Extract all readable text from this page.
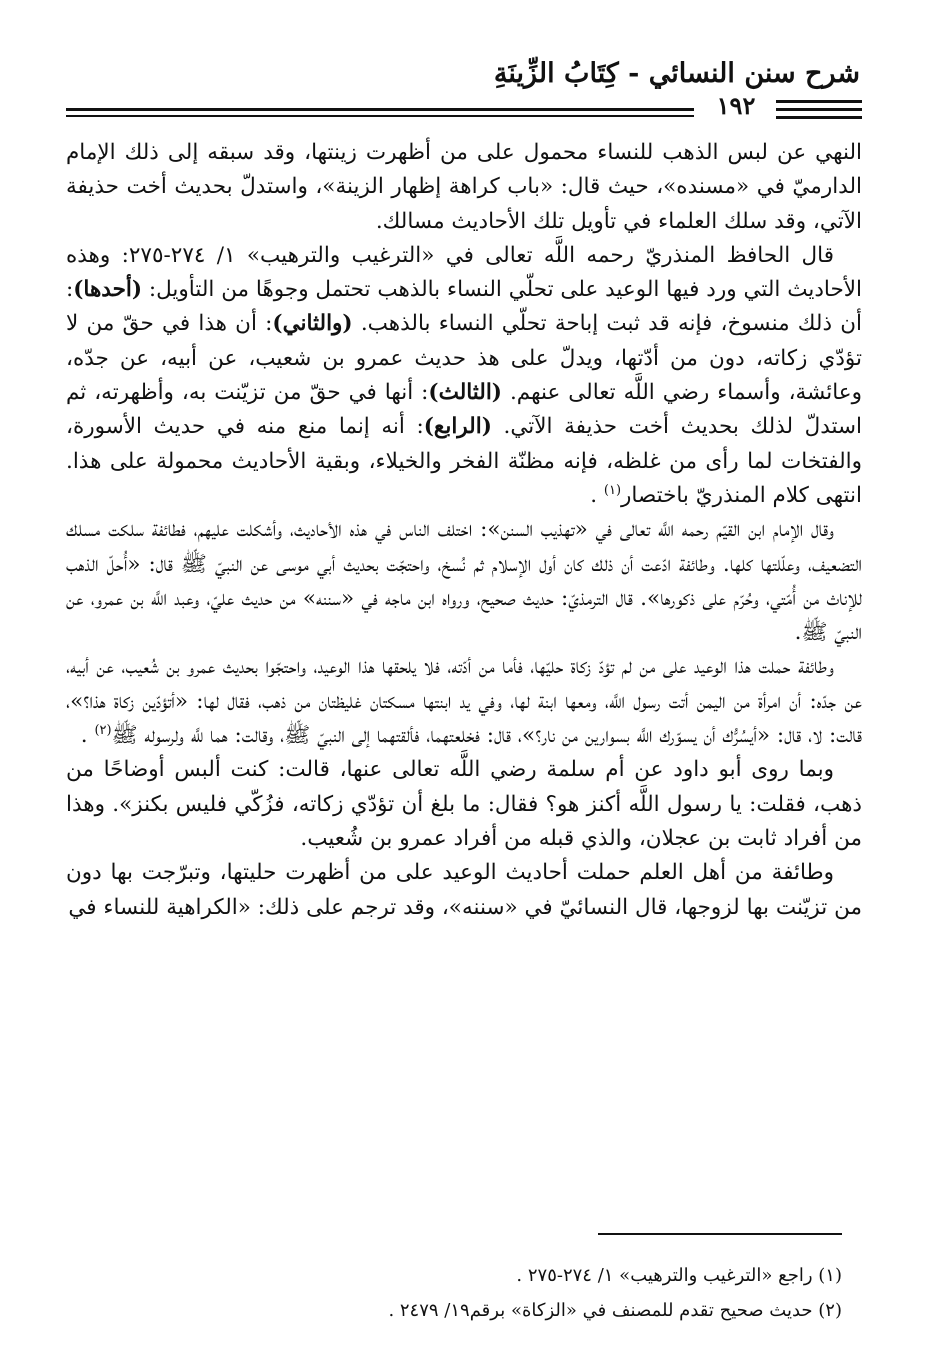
شرح سنن النسائي - كِتَابُ الزِّينَةِ
١٩٢

النهي عن لبس الذهب للنساء محمول على من أظهرت زينتها، وقد سبقه إلى ذلك الإمام الدارميّ في «مسنده»، حيث قال: «باب كراهة إظهار الزينة»، واستدلّ بحديث أخت حذيفة الآتي، وقد سلك العلماء في تأويل تلك الأحاديث مسالك.

قال الحافظ المنذريّ رحمه اللَّه تعالى في «الترغيب والترهيب» ١/ ٢٧٤-٢٧٥: وهذه الأحاديث التي ورد فيها الوعيد على تحلّي النساء بالذهب تحتمل وجوهًا من التأويل: (أحدها): أن ذلك منسوخ، فإنه قد ثبت إباحة تحلّي النساء بالذهب. (والثاني): أن هذا في حقّ من لا تؤدّي زكاته، دون من أدّتها، ويدلّ على هذ حديث عمرو بن شعيب، عن أبيه، عن جدّه، وعائشة، وأسماء رضي اللَّه تعالى عنهم. (الثالث): أنها في حقّ من تزيّنت به، وأظهرته، ثم استدلّ لذلك بحديث أخت حذيفة الآتي. (الرابع): أنه إنما منع منه في حديث الأسورة، والفتخات لما رأى من غلظه، فإنه مظنّة الفخر والخيلاء، وبقية الأحاديث محمولة على هذا. انتهى كلام المنذريّ باختصار$^{(١)}$ .

وقال الإمام ابن القيّم رحمه اللَّه تعالى في «تهذيب السنن»: اختلف الناس في هذه الأحاديث، وأشكلت عليهم، فطائفة سلكت مسلك التضعيف، وعلّلتها كلها. وطائفة ادّعت أن ذلك كان أول الإسلام ثم نُسخ، واحتجّت بحديث أبي موسى عن النبيّ ﷺ قال: «أُحلّ الذهب للإناث من أُمّتي، وحُرّم على ذكورها». قال الترمذيّ: حديث صحيح، ورواه ابن ماجه في «سننه» من حديث عليّ، وعبد اللَّه بن عمرو، عن النبيّ ﷺ.

وطائفة حملت هذا الوعيد على من لم تؤدّ زكاة حليّها، فأما من أدّته، فلا يلحقها هذا الوعيد، واحتجّوا بحديث عمرو بن شُعيب، عن أبيه، عن جدّه: أن امرأة من اليمن أتت رسول اللَّه، ومعها ابنة لها، وفي يد ابنتها مسكتان غليظتان من ذهب، فقال لها: «أتؤدّين زكاة هذا؟»، قالت: لا، قال: «أيسُرُّك أن يسوّرك اللَّه بسوارين من نار؟»، قال: فخلعتهما، فألقتهما إلى النبيّ ﷺ، وقالت: هما للَّه ولرسوله ﷺ$^{(٢)}$ .

وبما روى أبو داود عن أم سلمة رضي اللَّه تعالى عنها، قالت: كنت ألبس أوضاحًا من ذهب، فقلت: يا رسول اللَّه أكنز هو؟ فقال: ما بلغ أن تؤدّي زكاته، فزُكّي فليس بكنز». وهذا من أفراد ثابت بن عجلان، والذي قبله من أفراد عمرو بن شُعيب.

وطائفة من أهل العلم حملت أحاديث الوعيد على من أظهرت حليتها، وتبرّجت بها دون من تزيّنت بها لزوجها، قال النسائيّ في «سننه»، وقد ترجم على ذلك: «الكراهية للنساء في

(١) راجع «الترغيب والترهيب» ١/ ٢٧٤-٢٧٥ .

(٢) حديث صحيح تقدم للمصنف في «الزكاة» برقم١٩/ ٢٤٧٩ .
